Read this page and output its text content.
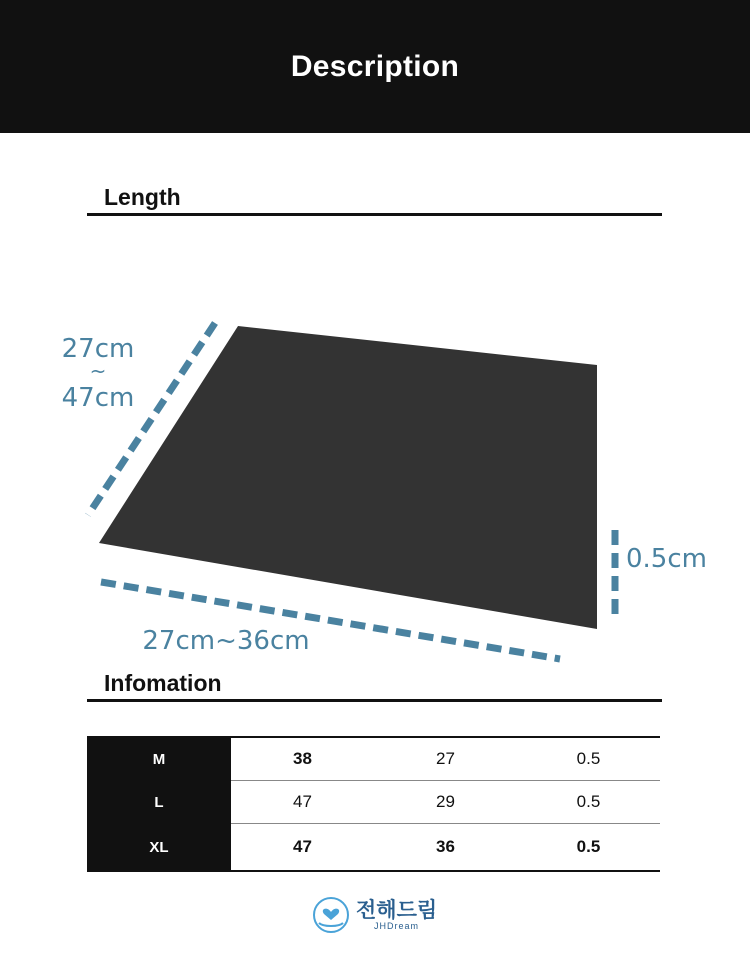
Description
Length
27cm
~
47cm
27cm~36cm
0.5cm
Infomation
M	38	27	0.5
L	47	29	0.5
XL	47	36	0.5
전해드림
JHDream
